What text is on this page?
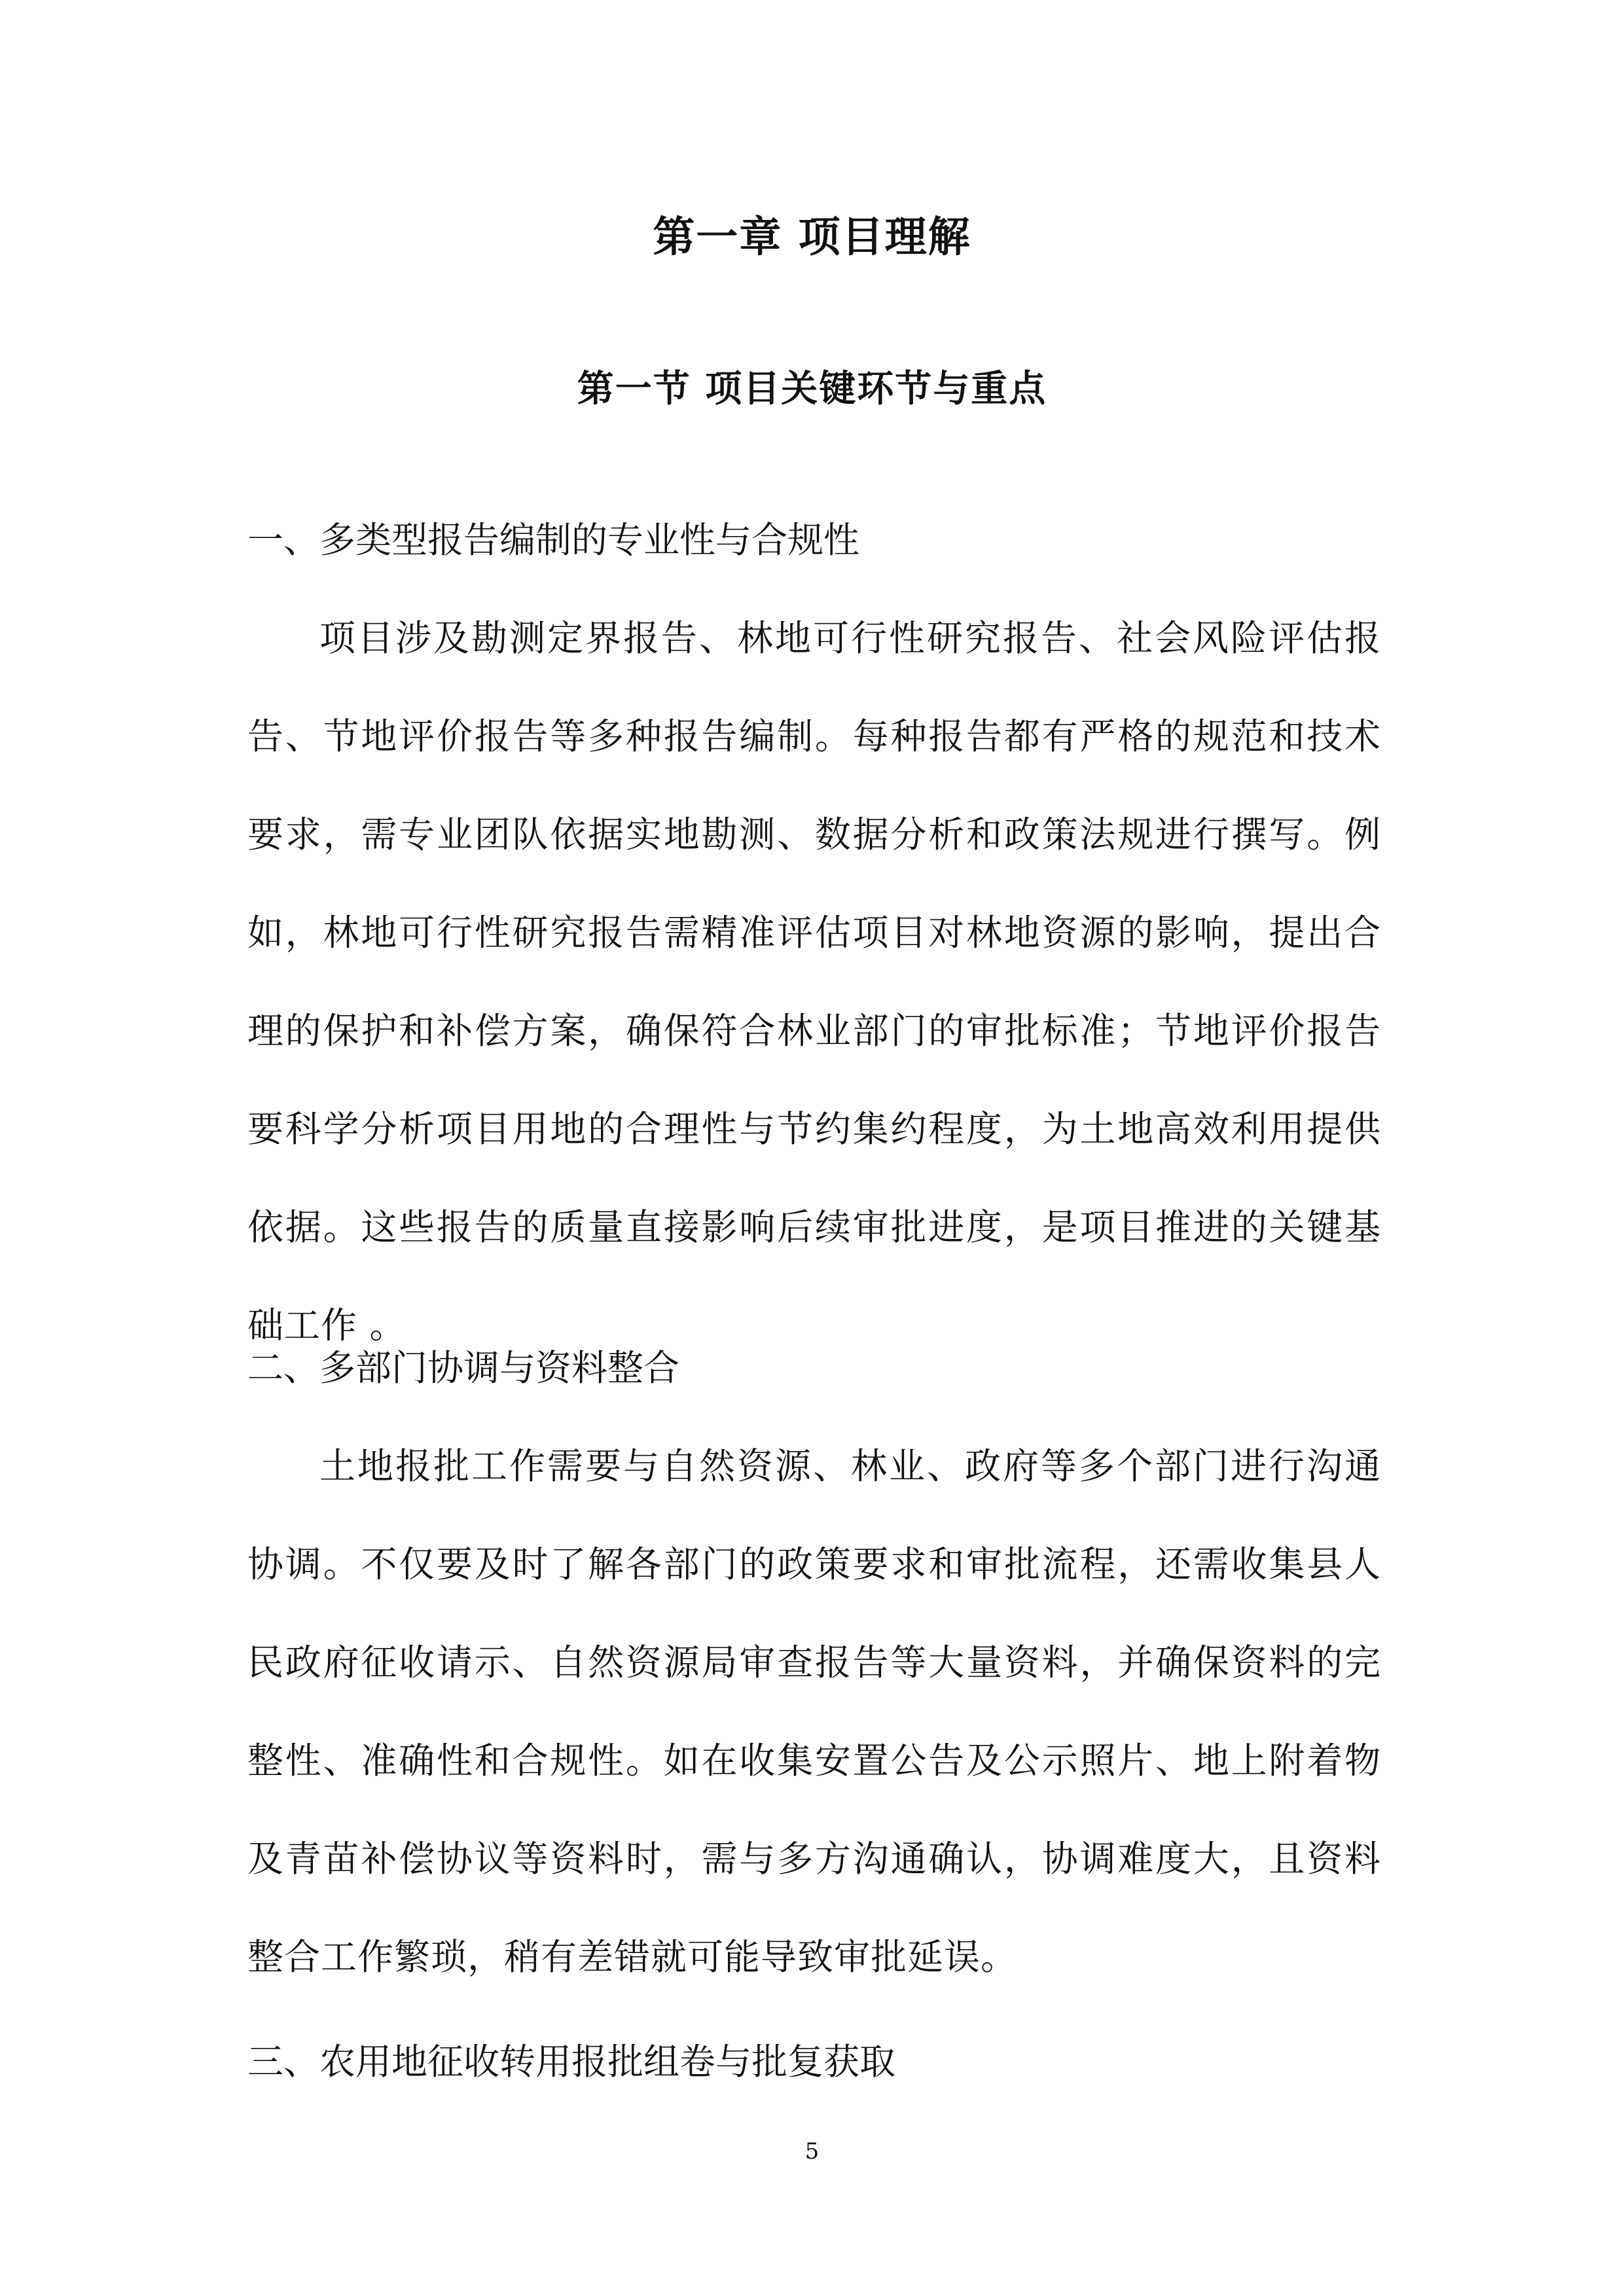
第一章 项目理解
第一节 项目关键环节与重点
一、多类型报告编制的专业性与合规性

项目涉及勘测定界报告、林地可行性研究报告、社会风险评估报告、节地评价报告等多种报告编制。每种报告都有严格的规范和技术要求，需专业团队依据实地勘测、数据分析和政策法规进行撰写。例如，林地可行性研究报告需精准评估项目对林地资源的影响，提出合理的保护和补偿方案，确保符合林业部门的审批标准；节地评价报告要科学分析项目用地的合理性与节约集约程度，为土地高效利用提供依据。这些报告的质量直接影响后续审批进度，是项目推进的关键基础工作 。

二、多部门协调与资料整合

土地报批工作需要与自然资源、林业、政府等多个部门进行沟通协调。不仅要及时了解各部门的政策要求和审批流程，还需收集县人民政府征收请示、自然资源局审查报告等大量资料，并确保资料的完整性、准确性和合规性。如在收集安置公告及公示照片、地上附着物及青苗补偿协议等资料时，需与多方沟通确认，协调难度大，且资料整合工作繁琐，稍有差错就可能导致审批延误。

三、农用地征收转用报批组卷与批复获取
5
